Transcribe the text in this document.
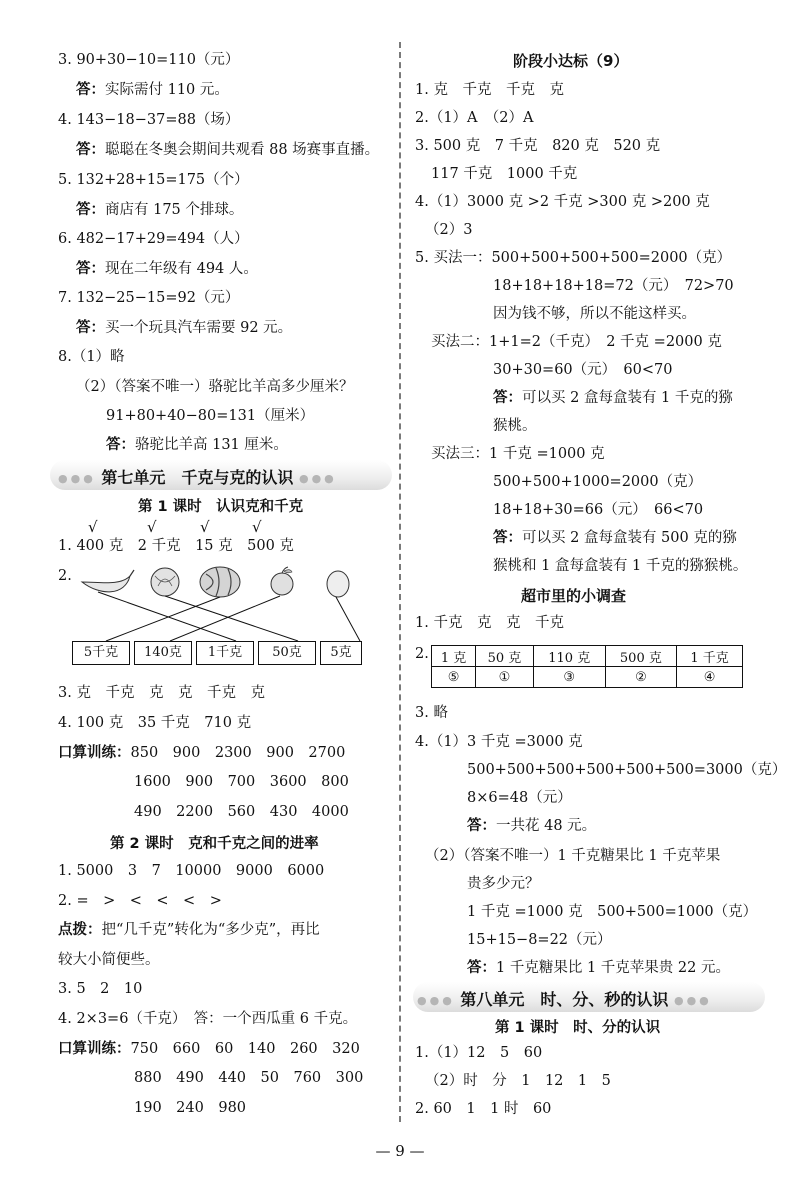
3. 90+30−10=110（元）
答：实际需付 110 元。
4. 143−18−37=88（场）
答：聪聪在冬奥会期间共观看 88 场赛事直播。
5. 132+28+15=175（个）
答：商店有 175 个排球。
6. 482−17+29=494（人）
答：现在二年级有 494 人。
7. 132−25−15=92（元）
答：买一个玩具汽车需要 92 元。
8.（1）略
（2）（答案不唯一）骆驼比羊高多少厘米？
91+80+40−80=131（厘米）
答：骆驼比羊高 131 厘米。
●●● 第七单元　千克与克的认识 ●●●
第 1 课时　认识克和千克
√	√	√	√
1. 400 克　2 千克　15 克　500 克
2.
5千克	140克	1千克	50克	5克
3. 克　千克　克　克　千克　克
4. 100 克　35 千克　710 克
口算训练：850　900　2300　900　2700
1600　900　700　3600　800
490　2200　560　430　4000
第 2 课时　克和千克之间的进率
1. 5000　3　7　10000　9000　6000
2. =　>　<　<　<　>
点拨：把“几千克”转化为“多少克”，再比
较大小简便些。
3. 5　2　10
4. 2×3=6（千克）　答：一个西瓜重 6 千克。
口算训练：750　660　60　140　260　320
880　490　440　50　760　300
190　240　980
阶段小达标（9）
1. 克　千克　千克　克
2.（1）A　（2）A
3. 500 克　7 千克　820 克　520 克
117 千克　1000 千克
4.（1）3000 克 >2 千克 >300 克 >200 克
（2）3
5. 买法一：500+500+500+500=2000（克）
18+18+18+18=72（元）　72>70
因为钱不够，所以不能这样买。
买法二：1+1=2（千克）　2 千克 =2000 克
30+30=60（元）　60<70
答：可以买 2 盒每盒装有 1 千克的猕
猴桃。
买法三：1 千克 =1000 克
500+500+1000=2000（克）
18+18+30=66（元）　66<70
答：可以买 2 盒每盒装有 500 克的猕
猴桃和 1 盒每盒装有 1 千克的猕猴桃。
超市里的小调查
1. 千克　克　克　千克
2. 1 克	50 克	110 克	500 克	1 千克
⑤	①	③	②	④
3. 略
4.（1）3 千克 =3000 克
500+500+500+500+500+500=3000（克）
8×6=48（元）
答：一共花 48 元。
（2）（答案不唯一）1 千克糖果比 1 千克苹果
贵多少元？
1 千克 =1000 克　500+500=1000（克）
15+15−8=22（元）
答：1 千克糖果比 1 千克苹果贵 22 元。
●●● 第八单元　时、分、秒的认识 ●●●
第 1 课时　时、分的认识
1.（1）12　5　60
（2）时　分　1　12　1　5
2. 60　1　1 时　60
— 9 —
